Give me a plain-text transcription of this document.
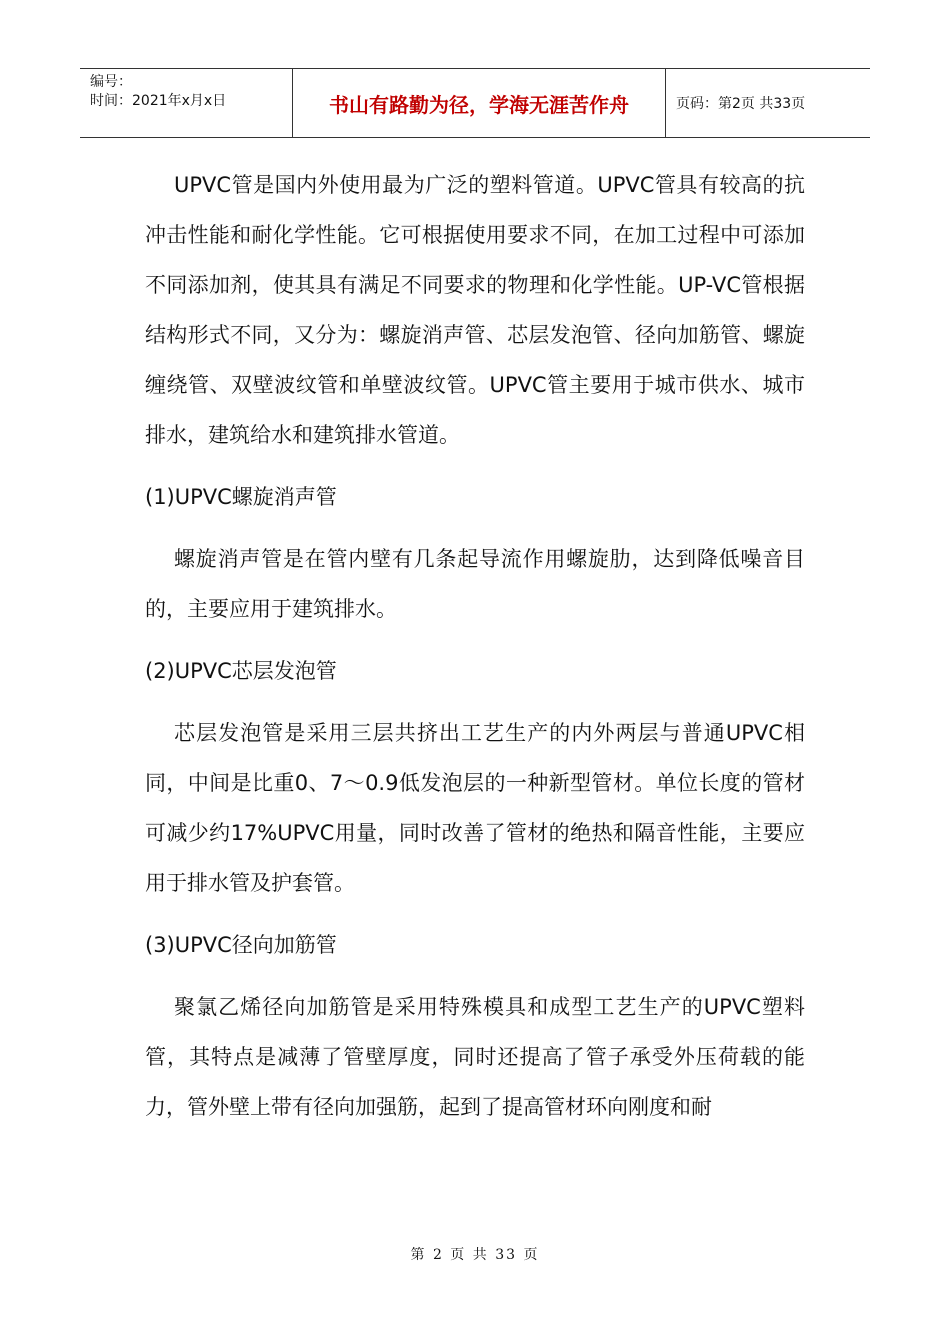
编号：
时间：2021年x月x日	书山有路勤为径，学海无涯苦作舟	页码：第2页 共33页

UPVC管是国内外使用最为广泛的塑料管道。UPVC管具有较高的抗冲击性能和耐化学性能。它可根据使用要求不同，在加工过程中可添加不同添加剂，使其具有满足不同要求的物理和化学性能。UP-VC管根据结构形式不同，又分为：螺旋消声管、芯层发泡管、径向加筋管、螺旋缠绕管、双壁波纹管和单壁波纹管。UPVC管主要用于城市供水、城市排水，建筑给水和建筑排水管道。

(1)UPVC螺旋消声管

螺旋消声管是在管内壁有几条起导流作用螺旋肋，达到降低噪音目的，主要应用于建筑排水。

(2)UPVC芯层发泡管

芯层发泡管是采用三层共挤出工艺生产的内外两层与普通UPVC相同，中间是比重0、7～0.9低发泡层的一种新型管材。单位长度的管材可减少约17%UPVC用量，同时改善了管材的绝热和隔音性能，主要应用于排水管及护套管。

(3)UPVC径向加筋管

聚氯乙烯径向加筋管是采用特殊模具和成型工艺生产的UPVC塑料管，其特点是减薄了管壁厚度，同时还提高了管子承受外压荷载的能力，管外壁上带有径向加强筋，起到了提高管材环向刚度和耐

第 2 页 共 33 页
